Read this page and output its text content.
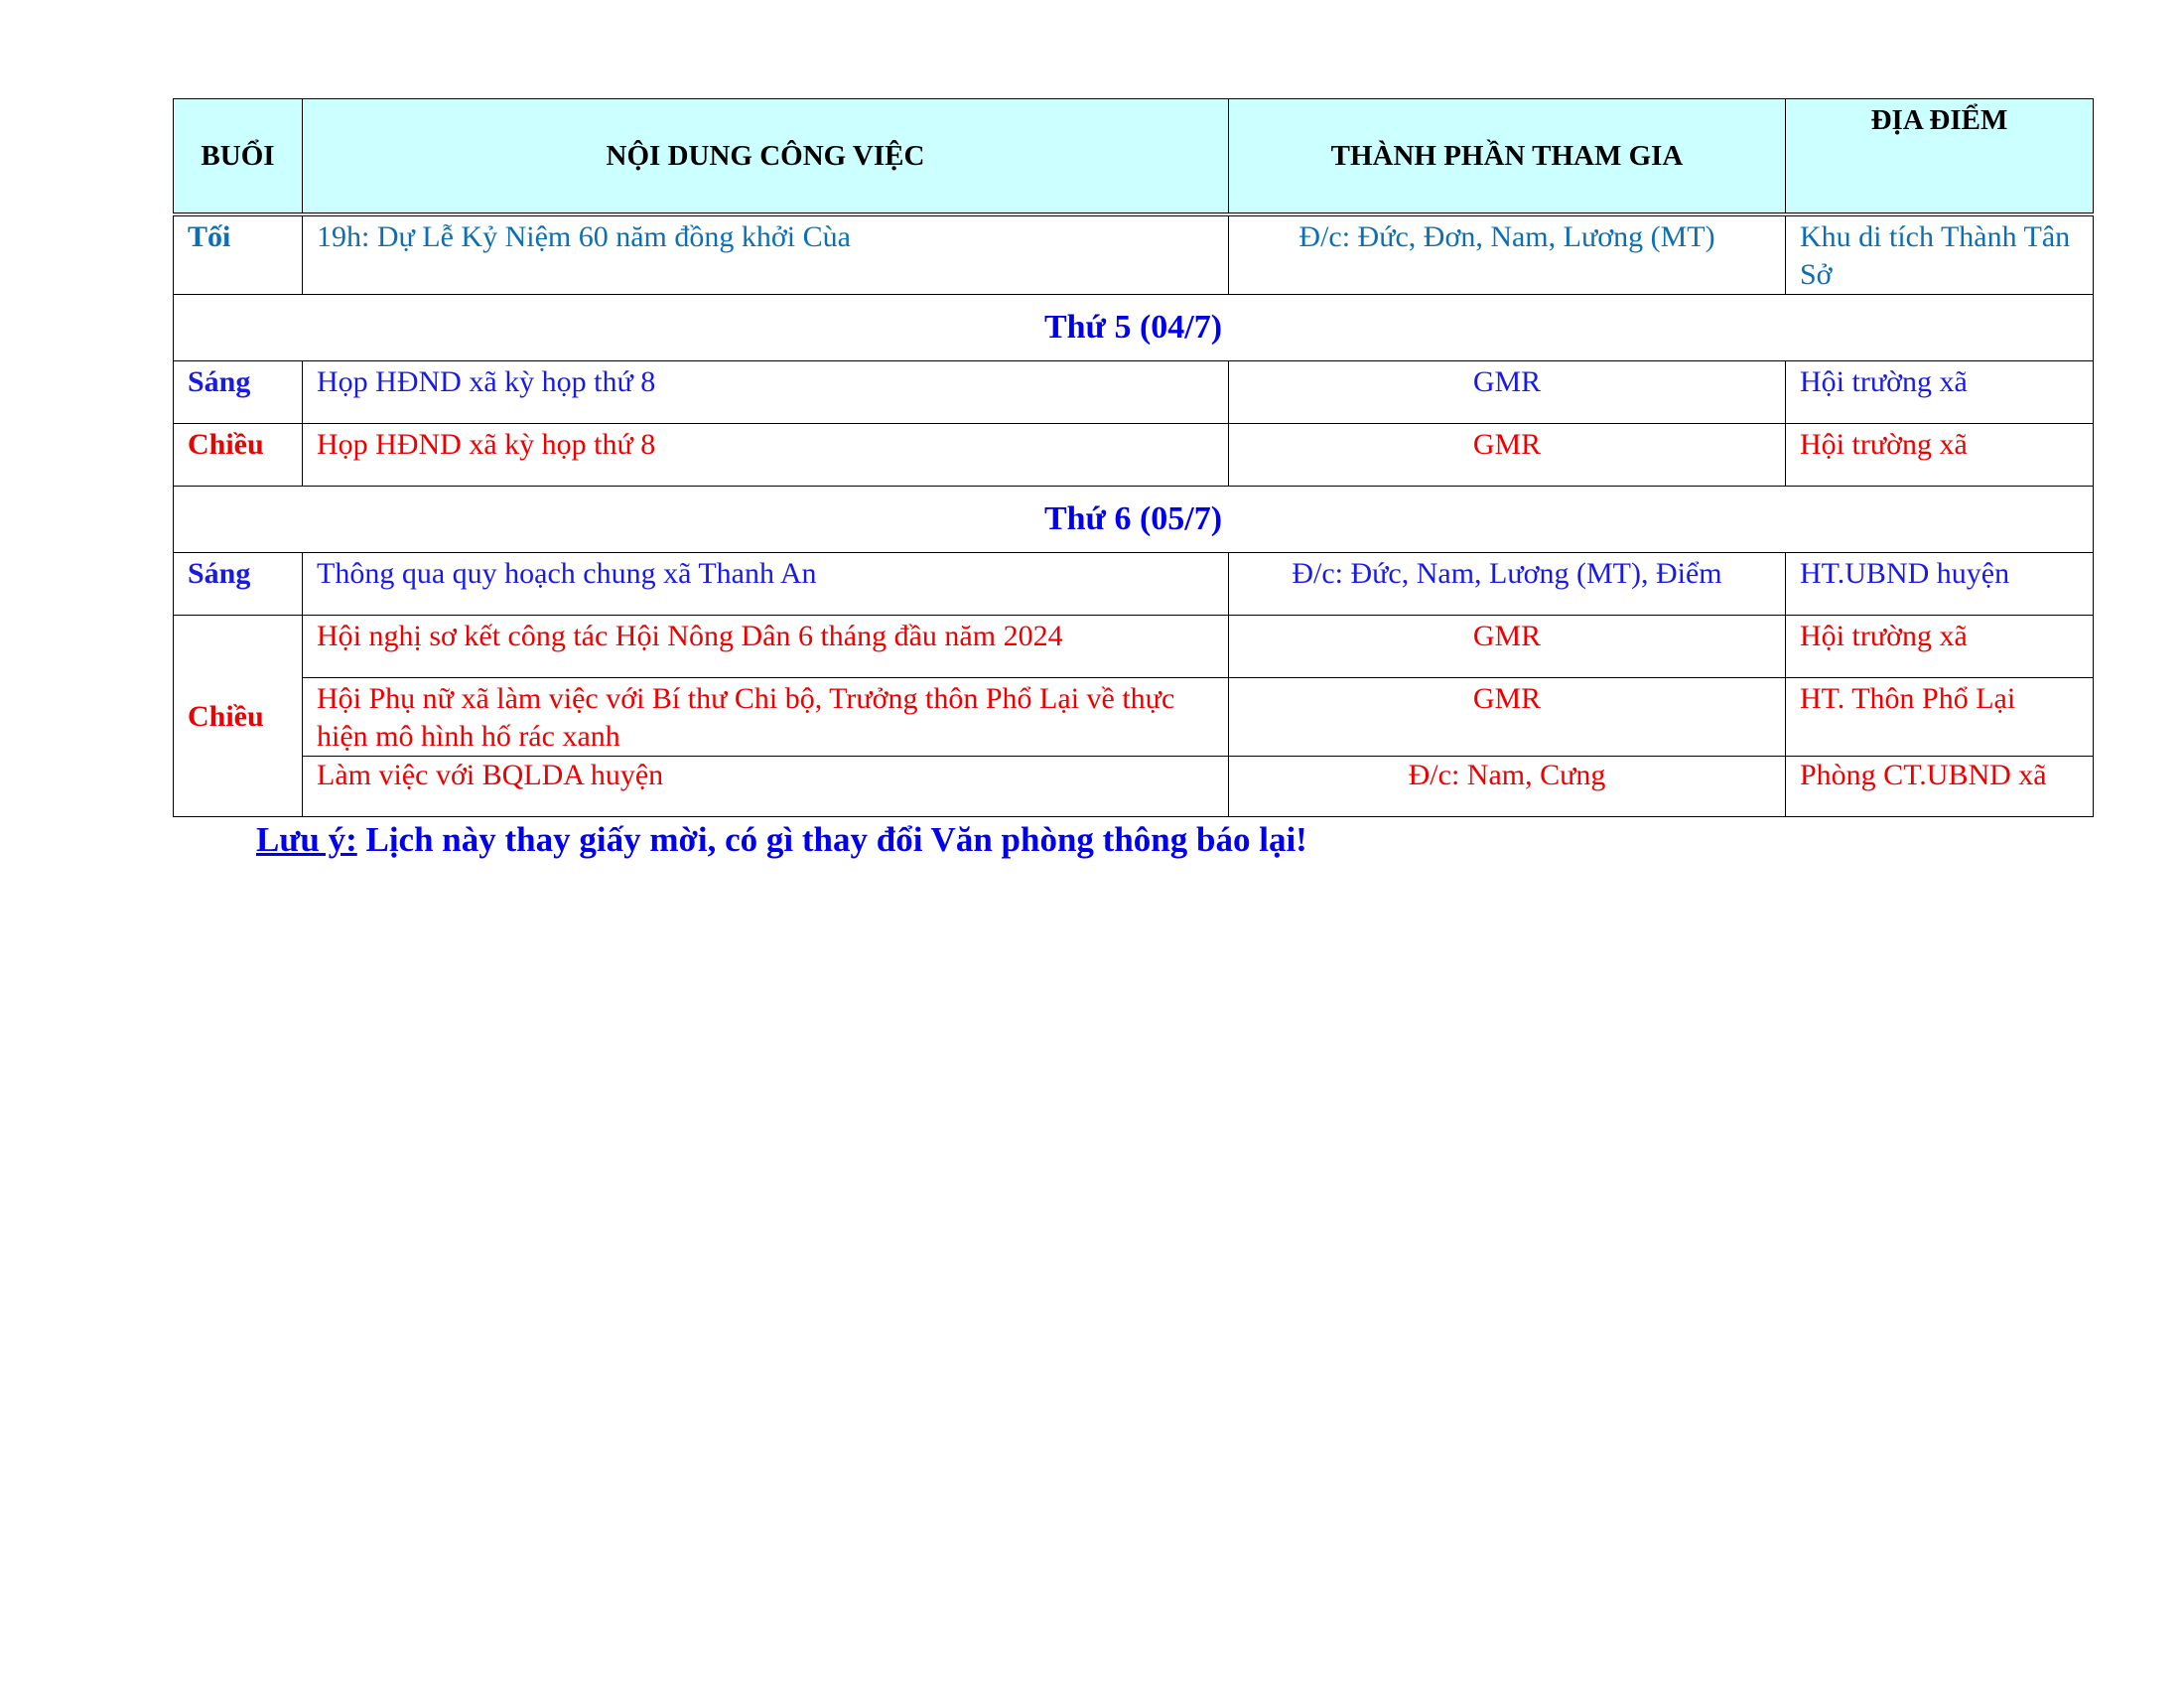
BUỔI	NỘI DUNG CÔNG VIỆC	THÀNH PHẦN THAM GIA	ĐỊA ĐIỂM
Tối	19h: Dự Lễ Kỷ Niệm 60 năm đồng khởi Cùa	Đ/c: Đức, Đơn, Nam, Lương (MT)	Khu di tích Thành Tân Sở
Thứ 5 (04/7)			
Sáng	Họp HĐND xã kỳ họp thứ 8	GMR	Hội trường xã
Chiều	Họp HĐND xã kỳ họp thứ 8	GMR	Hội trường xã
Thứ 6 (05/7)			
Sáng	Thông qua quy hoạch chung xã Thanh An	Đ/c: Đức, Nam, Lương (MT), Điểm	HT.UBND huyện
Chiều	Hội nghị sơ kết công tác Hội Nông Dân 6 tháng đầu năm 2024	GMR	Hội trường xã
	Hội Phụ nữ xã làm việc với Bí thư Chi bộ, Trưởng thôn Phổ Lại về thực hiện mô hình hố rác xanh	GMR	HT. Thôn Phổ Lại
	Làm việc với BQLDA huyện	Đ/c: Nam, Cưng	Phòng CT.UBND xã
Lưu ý: Lịch này thay giấy mời, có gì thay đổi Văn phòng thông báo lại!
